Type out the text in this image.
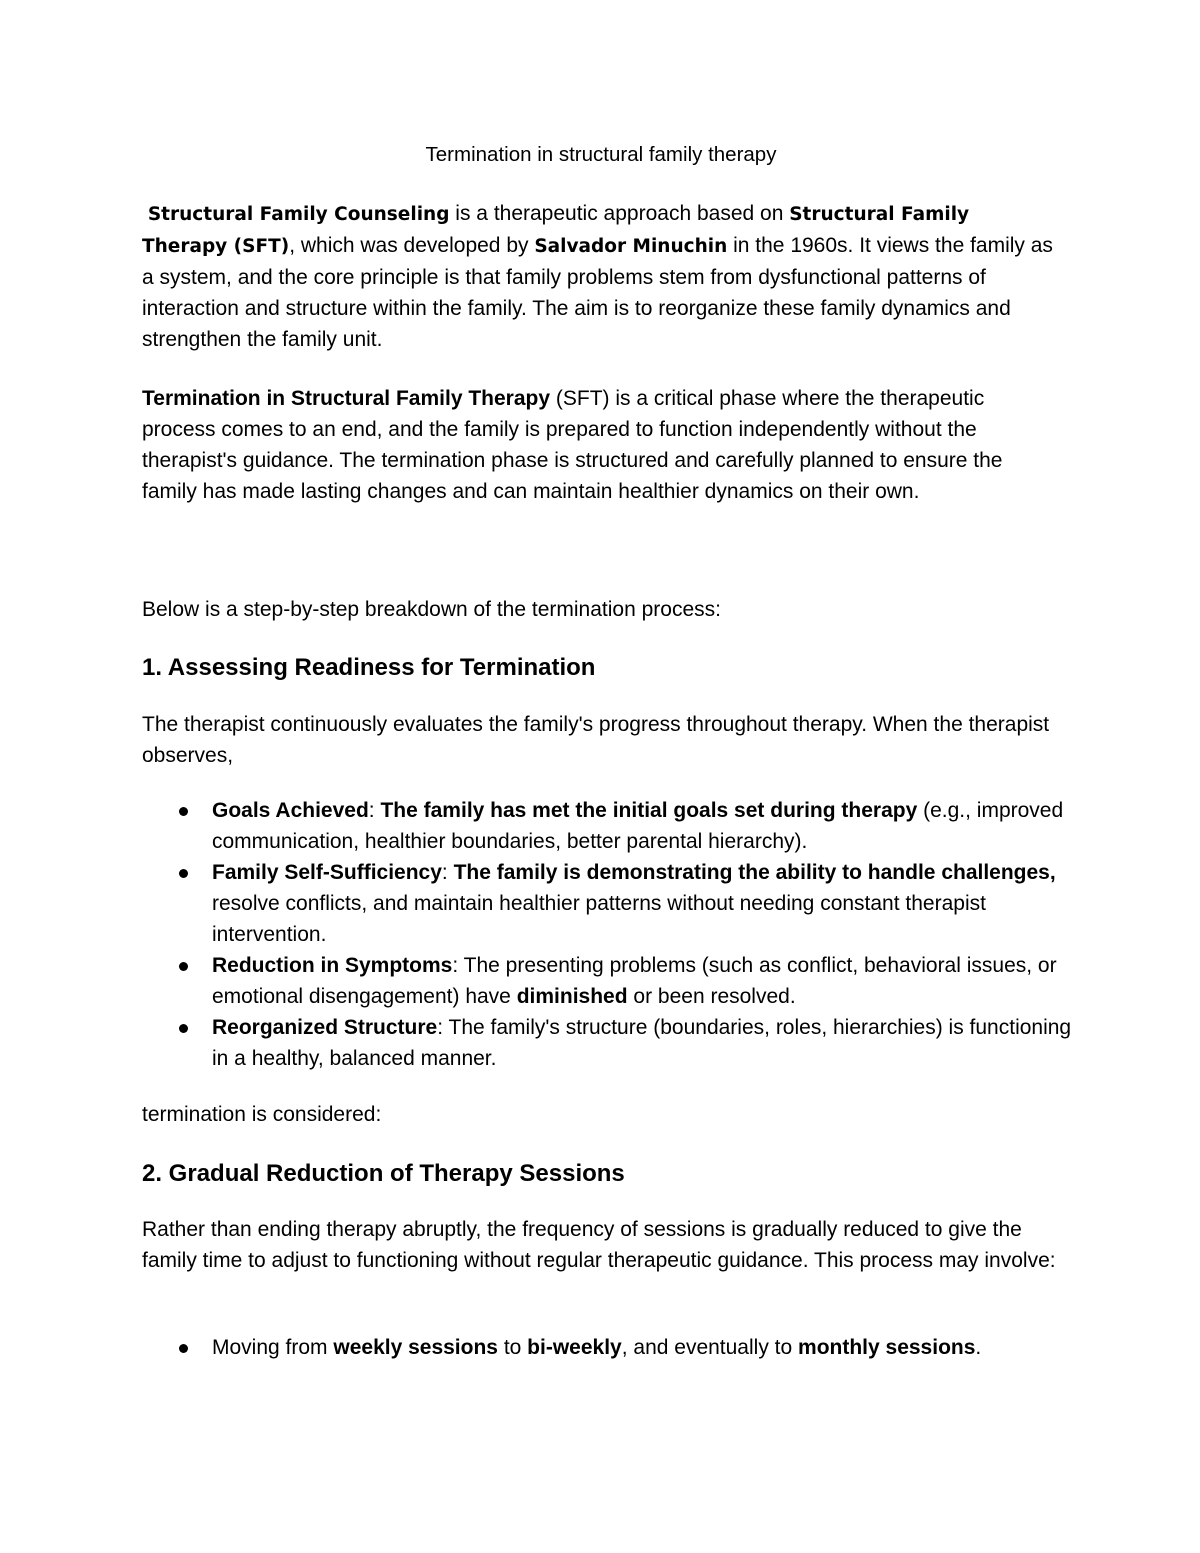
Termination in structural family therapy

Structural Family Counseling is a therapeutic approach based on Structural Family Therapy (SFT), which was developed by Salvador Minuchin in the 1960s. It views the family as a system, and the core principle is that family problems stem from dysfunctional patterns of interaction and structure within the family. The aim is to reorganize these family dynamics and strengthen the family unit.

Termination in Structural Family Therapy (SFT) is a critical phase where the therapeutic process comes to an end, and the family is prepared to function independently without the therapist's guidance. The termination phase is structured and carefully planned to ensure the family has made lasting changes and can maintain healthier dynamics on their own.

Below is a step-by-step breakdown of the termination process:

1. Assessing Readiness for Termination

The therapist continuously evaluates the family's progress throughout therapy. When the therapist observes,

Goals Achieved: The family has met the initial goals set during therapy (e.g., improved communication, healthier boundaries, better parental hierarchy).
Family Self-Sufficiency: The family is demonstrating the ability to handle challenges, resolve conflicts, and maintain healthier patterns without needing constant therapist intervention.
Reduction in Symptoms: The presenting problems (such as conflict, behavioral issues, or emotional disengagement) have diminished or been resolved.
Reorganized Structure: The family's structure (boundaries, roles, hierarchies) is functioning in a healthy, balanced manner.

termination is considered:

2. Gradual Reduction of Therapy Sessions

Rather than ending therapy abruptly, the frequency of sessions is gradually reduced to give the family time to adjust to functioning without regular therapeutic guidance. This process may involve:

Moving from weekly sessions to bi-weekly, and eventually to monthly sessions.
